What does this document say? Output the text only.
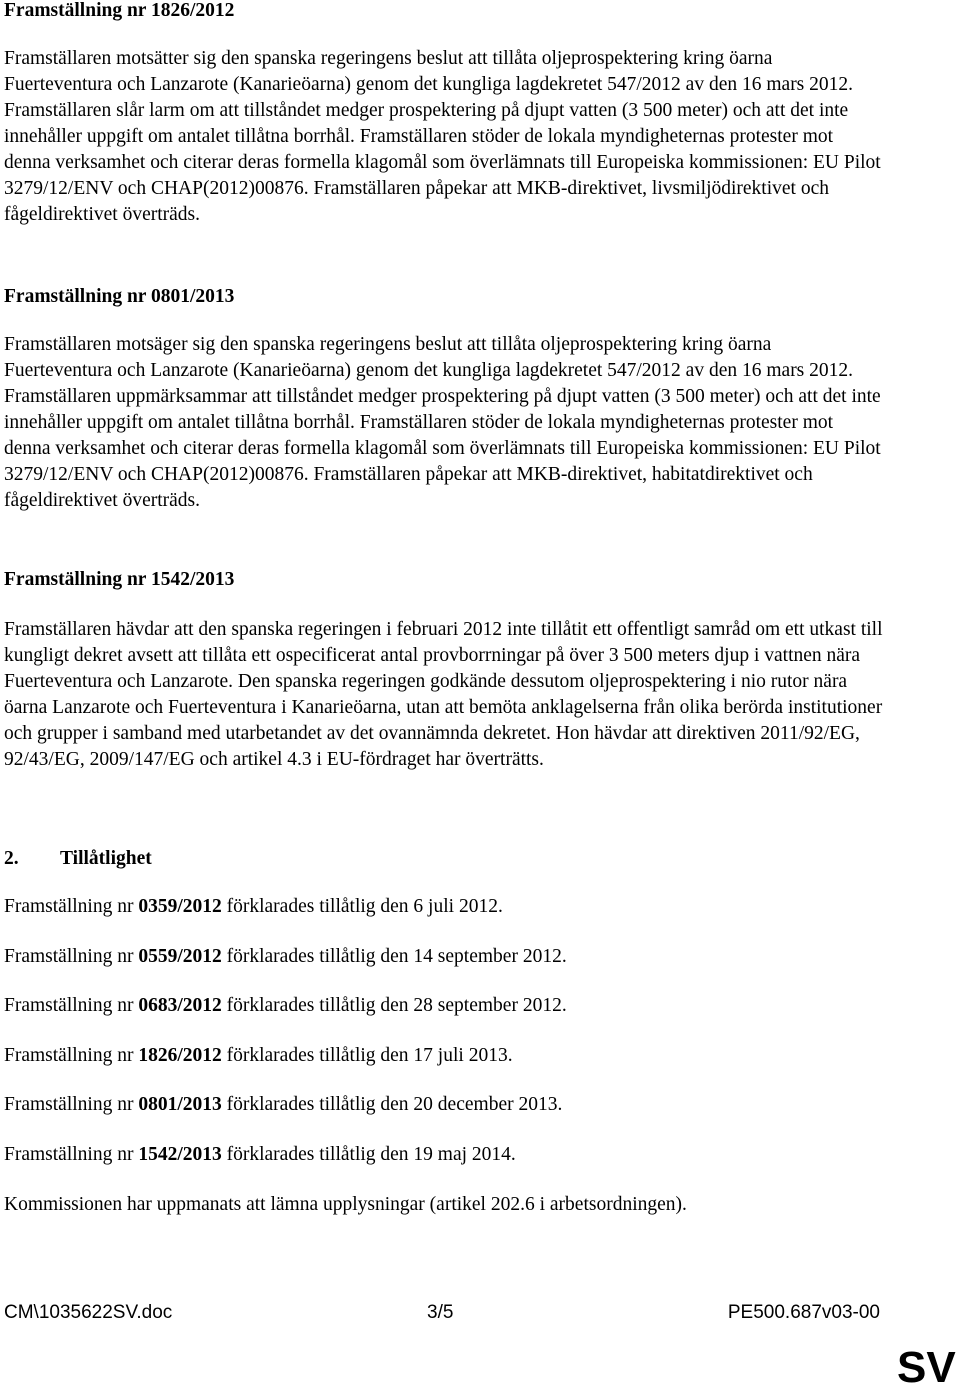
Framställning nr 1826/2012

Framställaren motsätter sig den spanska regeringens beslut att tillåta oljeprospektering kring öarna Fuerteventura och Lanzarote (Kanarieöarna) genom det kungliga lagdekretet 547/2012 av den 16 mars 2012. Framställaren slår larm om att tillståndet medger prospektering på djupt vatten (3 500 meter) och att det inte innehåller uppgift om antalet tillåtna borrhål. Framställaren stöder de lokala myndigheternas protester mot denna verksamhet och citerar deras formella klagomål som överlämnats till Europeiska kommissionen: EU Pilot 3279/12/ENV och CHAP(2012)00876. Framställaren påpekar att MKB-direktivet, livsmiljödirektivet och fågeldirektivet överträds.

Framställning nr 0801/2013

Framställaren motsäger sig den spanska regeringens beslut att tillåta oljeprospektering kring öarna Fuerteventura och Lanzarote (Kanarieöarna) genom det kungliga lagdekretet 547/2012 av den 16 mars 2012. Framställaren uppmärksammar att tillståndet medger prospektering på djupt vatten (3 500 meter) och att det inte innehåller uppgift om antalet tillåtna borrhål. Framställaren stöder de lokala myndigheternas protester mot denna verksamhet och citerar deras formella klagomål som överlämnats till Europeiska kommissionen: EU Pilot 3279/12/ENV och CHAP(2012)00876. Framställaren påpekar att MKB-direktivet, habitatdirektivet och fågeldirektivet överträds.

Framställning nr 1542/2013

Framställaren hävdar att den spanska regeringen i februari 2012 inte tillåtit ett offentligt samråd om ett utkast till kungligt dekret avsett att tillåta ett ospecificerat antal provborrningar på över 3 500 meters djup i vattnen nära Fuerteventura och Lanzarote. Den spanska regeringen godkände dessutom oljeprospektering i nio rutor nära öarna Lanzarote och Fuerteventura i Kanarieöarna, utan att bemöta anklagelserna från olika berörda institutioner och grupper i samband med utarbetandet av det ovannämnda dekretet. Hon hävdar att direktiven 2011/92/EG, 92/43/EG, 2009/147/EG och artikel 4.3 i EU-fördraget har överträtts.

2. Tillåtlighet

Framställning nr 0359/2012 förklarades tillåtlig den 6 juli 2012.

Framställning nr 0559/2012 förklarades tillåtlig den 14 september 2012.

Framställning nr 0683/2012 förklarades tillåtlig den 28 september 2012.

Framställning nr 1826/2012 förklarades tillåtlig den 17 juli 2013.

Framställning nr 0801/2013 förklarades tillåtlig den 20 december 2013.

Framställning nr 1542/2013 förklarades tillåtlig den 19 maj 2014.

Kommissionen har uppmanats att lämna upplysningar (artikel 202.6 i arbetsordningen).

CM\1035622SV.doc	3/5	PE500.687v03-00
SV
